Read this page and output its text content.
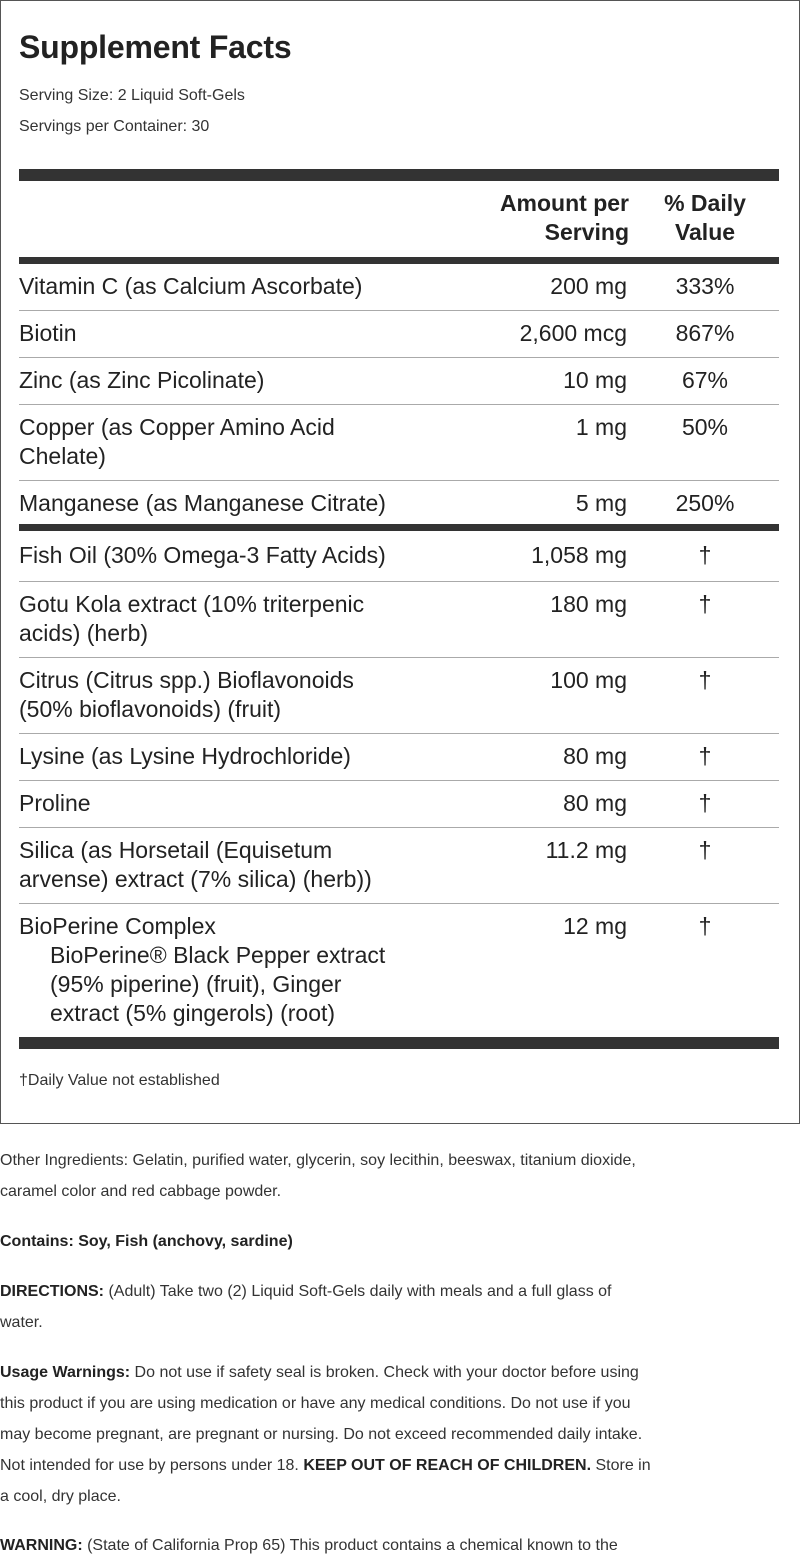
Supplement Facts
Serving Size: 2 Liquid Soft-Gels
Servings per Container: 30
Amount per
Serving
% Daily
Value
Vitamin C (as Calcium Ascorbate)	200 mg	333%
Biotin	2,600 mcg	867%
Zinc (as Zinc Picolinate)	10 mg	67%
Copper (as Copper Amino Acid
Chelate)
1 mg	50%
Manganese (as Manganese Citrate)	5 mg	250%
Fish Oil (30% Omega-3 Fatty Acids)	1,058 mg	†
Gotu Kola extract (10% triterpenic
acids) (herb)
180 mg	†
Citrus (Citrus spp.) Bioflavonoids
(50% bioflavonoids) (fruit)
100 mg	†
Lysine (as Lysine Hydrochloride)	80 mg	†
Proline	80 mg	†
Silica (as Horsetail (Equisetum
arvense) extract (7% silica) (herb))
11.2 mg	†
BioPerine Complex
BioPerine® Black Pepper extract
(95% piperine) (fruit), Ginger
extract (5% gingerols) (root)
12 mg	†
†Daily Value not established
Other Ingredients: Gelatin, purified water, glycerin, soy lecithin, beeswax, titanium dioxide,
caramel color and red cabbage powder.
Contains: Soy, Fish (anchovy, sardine)
DIRECTIONS: (Adult) Take two (2) Liquid Soft-Gels daily with meals and a full glass of
water.
Usage Warnings: Do not use if safety seal is broken. Check with your doctor before using
this product if you are using medication or have any medical conditions. Do not use if you
may become pregnant, are pregnant or nursing. Do not exceed recommended daily intake.
Not intended for use by persons under 18. KEEP OUT OF REACH OF CHILDREN. Store in
a cool, dry place.
WARNING: (State of California Prop 65) This product contains a chemical known to the
